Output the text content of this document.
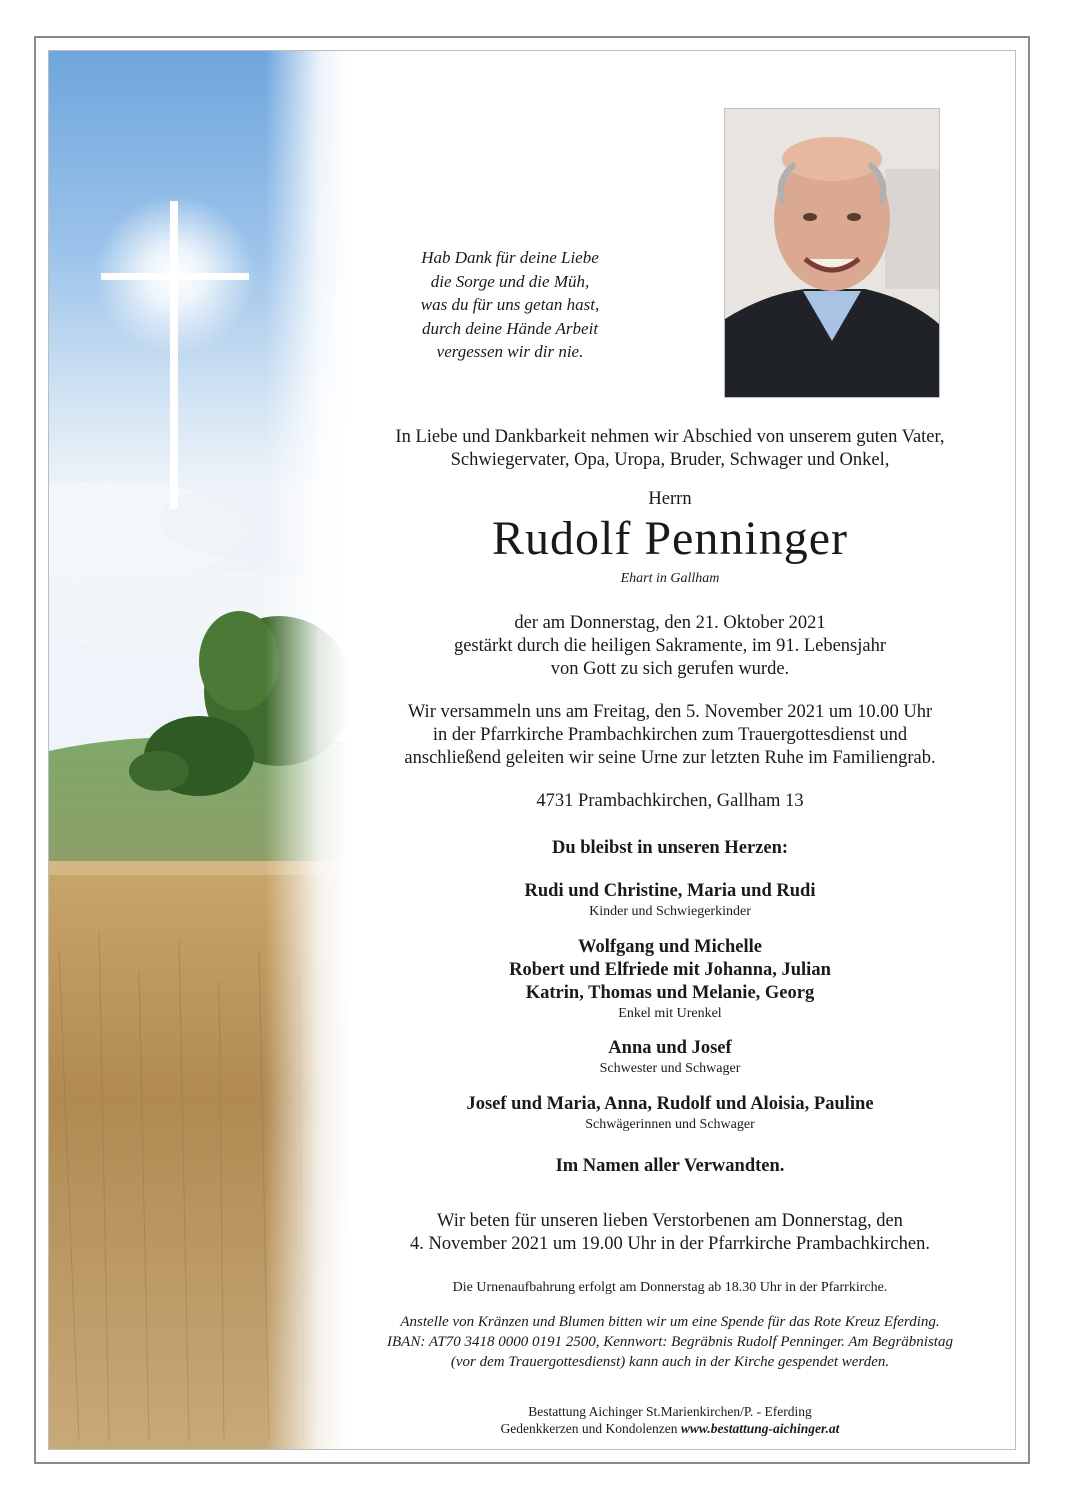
Hab Dank für deine Liebe
die Sorge und die Müh,
was du für uns getan hast,
durch deine Hände Arbeit
vergessen wir dir nie.
In Liebe und Dankbarkeit nehmen wir Abschied von unserem guten Vater,
Schwiegervater, Opa, Uropa, Bruder, Schwager und Onkel,
Herrn
Rudolf Penninger
Ehart in Gallham
der am Donnerstag, den 21. Oktober 2021
gestärkt durch die heiligen Sakramente, im 91. Lebensjahr
von Gott zu sich gerufen wurde.
Wir versammeln uns am Freitag, den 5. November 2021 um 10.00 Uhr
in der Pfarrkirche Prambachkirchen zum Trauergottesdienst und
anschließend geleiten wir seine Urne zur letzten Ruhe im Familiengrab.
4731 Prambachkirchen, Gallham 13
Du bleibst in unseren Herzen:
Rudi und Christine, Maria und Rudi
Kinder und Schwiegerkinder
Wolfgang und Michelle
Robert und Elfriede mit Johanna, Julian
Katrin, Thomas und Melanie, Georg
Enkel mit Urenkel
Anna und Josef
Schwester und Schwager
Josef und Maria, Anna, Rudolf und Aloisia, Pauline
Schwägerinnen und Schwager
Im Namen aller Verwandten.
Wir beten für unseren lieben Verstorbenen am Donnerstag, den
4. November 2021 um 19.00 Uhr in der Pfarrkirche Prambachkirchen.
Die Urnenaufbahrung erfolgt am Donnerstag ab 18.30 Uhr in der Pfarrkirche.
Anstelle von Kränzen und Blumen bitten wir um eine Spende für das Rote Kreuz Eferding.
IBAN: AT70 3418 0000 0191 2500, Kennwort: Begräbnis Rudolf Penninger. Am Begräbnistag
(vor dem Trauergottesdienst) kann auch in der Kirche gespendet werden.
Bestattung Aichinger St.Marienkirchen/P. - Eferding
Gedenkkerzen und Kondolenzen www.bestattung-aichinger.at
